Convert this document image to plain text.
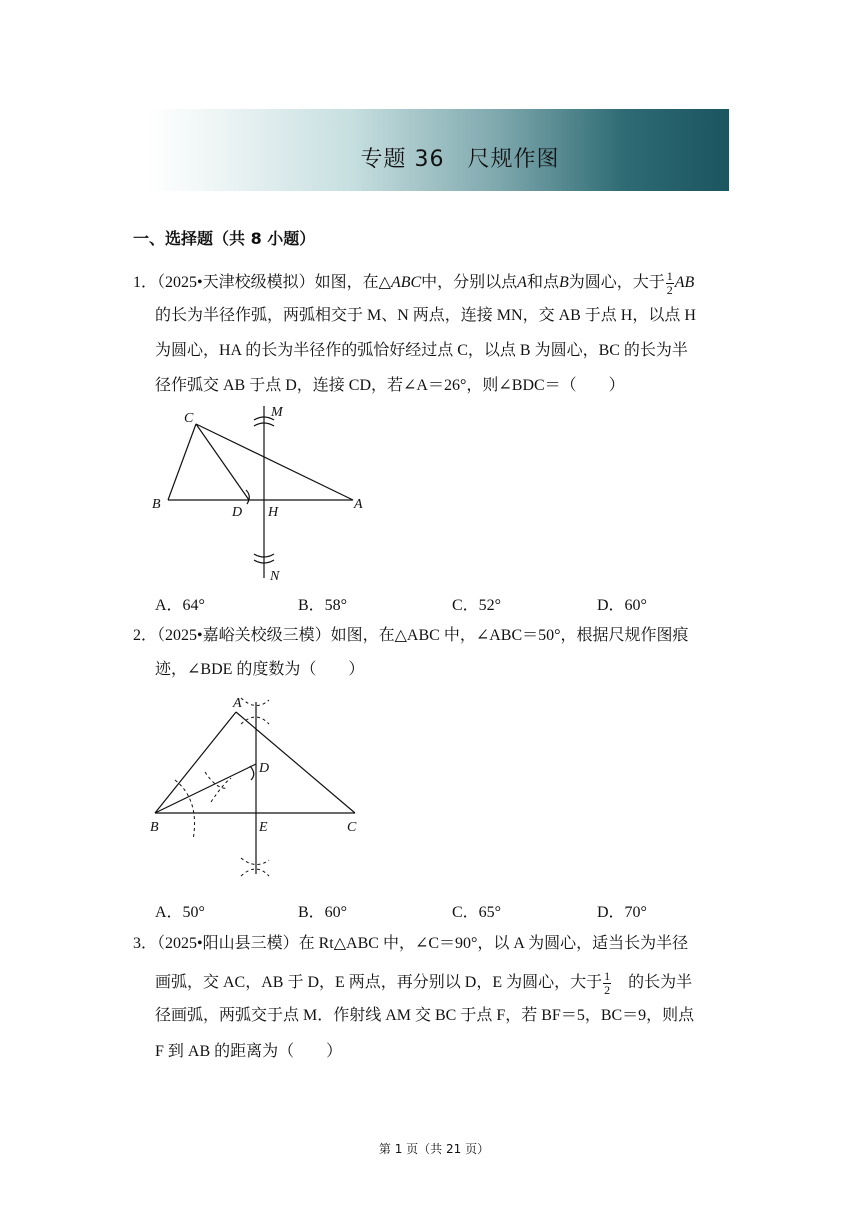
专题 36　尺规作图
一、选择题（共 8 小题）
1．（2025•天津校级模拟）如图，在△ABC中，分别以点A和点B为圆心，大于 $\frac{1}{2}$ AB
的长为半径作弧，两弧相交于 M、N 两点，连接 MN，交 AB 于点 H，以点 H
为圆心，HA 的长为半径作的弧恰好经过点 C，以点 B 为圆心，BC 的长为半
径作弧交 AB 于点 D，连接 CD，若∠A＝26°，则∠BDC＝（　　）
C	M
B
D H
A
N
A．64°	B．58°	C．52°	D．60°
2．（2025•嘉峪关校级三模）如图，在△ABC 中，∠ABC＝50°，根据尺规作图痕
迹，∠BDE 的度数为（　　）
A
D
B	E	C
A．50°	B．60°	C．65°	D．70°
3．（2025•阳山县三模）在 Rt△ABC 中，∠C＝90°，以 A 为圆心，适当长为半径
画弧，交 AC，AB 于 D，E 两点，再分别以 D，E 为圆心，大于 $\frac{1}{2}$
  的长为半
径画弧，两弧交于点 M．作射线 AM 交 BC 于点 F，若 BF＝5，BC＝9，则点
F 到 AB 的距离为（　　）
第 1 页（共 21 页）
